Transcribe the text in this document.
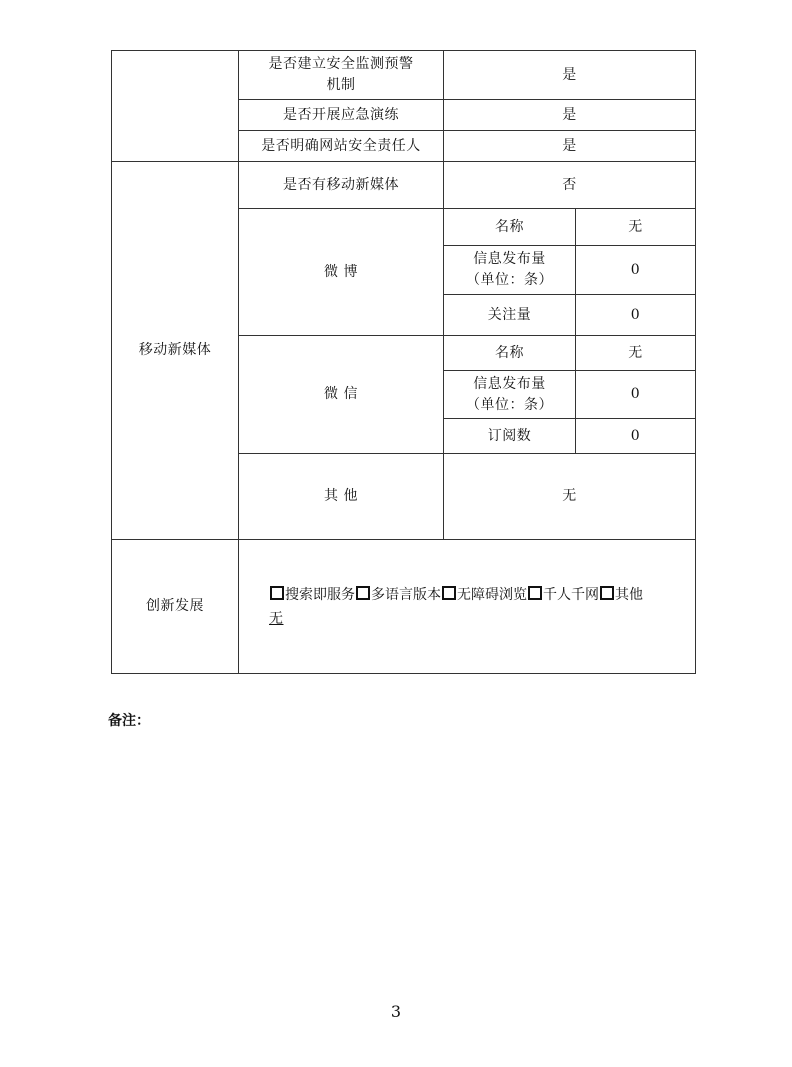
	是否建立安全监测预警
机制	是	
	是否开展应急演练	是	
	是否明确网站安全责任人	是	
移动新媒体	是否有移动新媒体	否	
	微 博	名称	无

		信息发布量
（单位：条）	0
		关注量	0
	微 信	名称	无

		信息发布量
（单位：条）	0
		订阅数	0
	其 他	无	
创新发展	搜索即服务 多语言版本 无障碍浏览 千人千网 其他
无		
备注：
3
